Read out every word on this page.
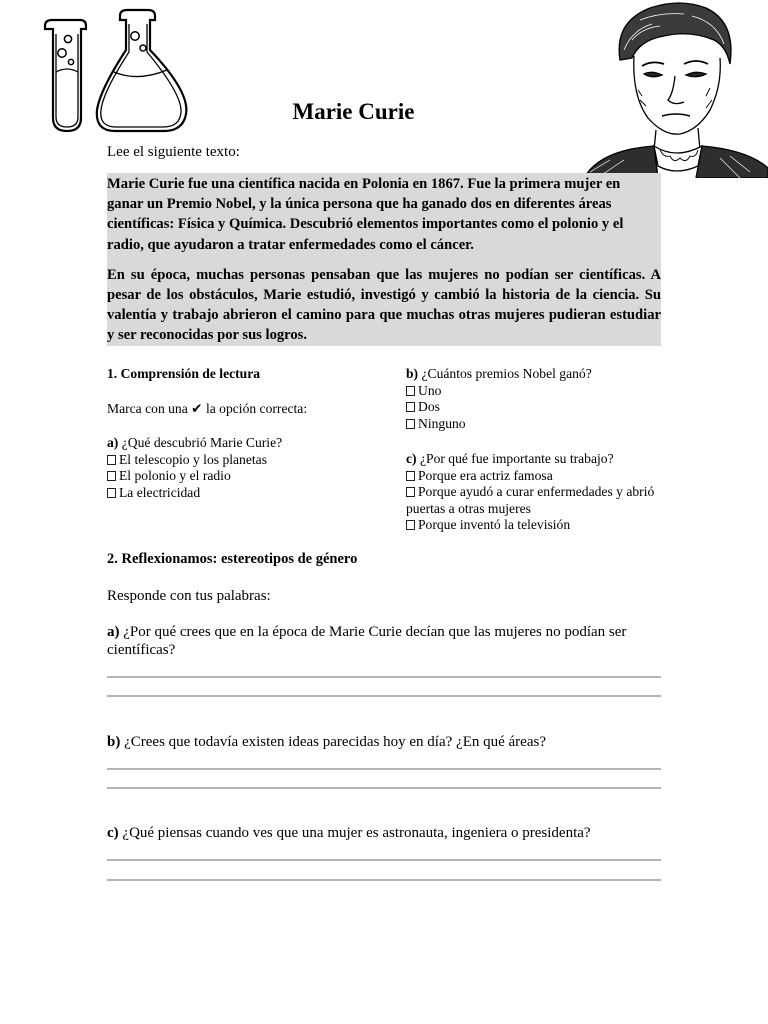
Marie Curie
Lee el siguiente texto:

Marie Curie fue una científica nacida en Polonia en 1867. Fue la primera mujer en ganar un Premio Nobel, y la única persona que ha ganado dos en diferentes áreas científicas: Física y Química. Descubrió elementos importantes como el polonio y el radio, que ayudaron a tratar enfermedades como el cáncer.

En su época, muchas personas pensaban que las mujeres no podían ser científicas. A pesar de los obstáculos, Marie estudió, investigó y cambió la historia de la ciencia. Su valentía y trabajo abrieron el camino para que muchas otras mujeres pudieran estudiar y ser reconocidas por sus logros.

1. Comprensión de lectura
Marca con una ✔ la opción correcta:
a) ¿Qué descubrió Marie Curie?
El telescopio y los planetas
El polonio y el radio
La electricidad
b) ¿Cuántos premios Nobel ganó?
Uno
Dos
Ninguno
c) ¿Por qué fue importante su trabajo?
Porque era actriz famosa
Porque ayudó a curar enfermedades y abrió puertas a otras mujeres
Porque inventó la televisión
2. Reflexionamos: estereotipos de género
Responde con tus palabras:
a) ¿Por qué crees que en la época de Marie Curie decían que las mujeres no podían ser científicas?
b) ¿Crees que todavía existen ideas parecidas hoy en día? ¿En qué áreas?
c) ¿Qué piensas cuando ves que una mujer es astronauta, ingeniera o presidenta?
